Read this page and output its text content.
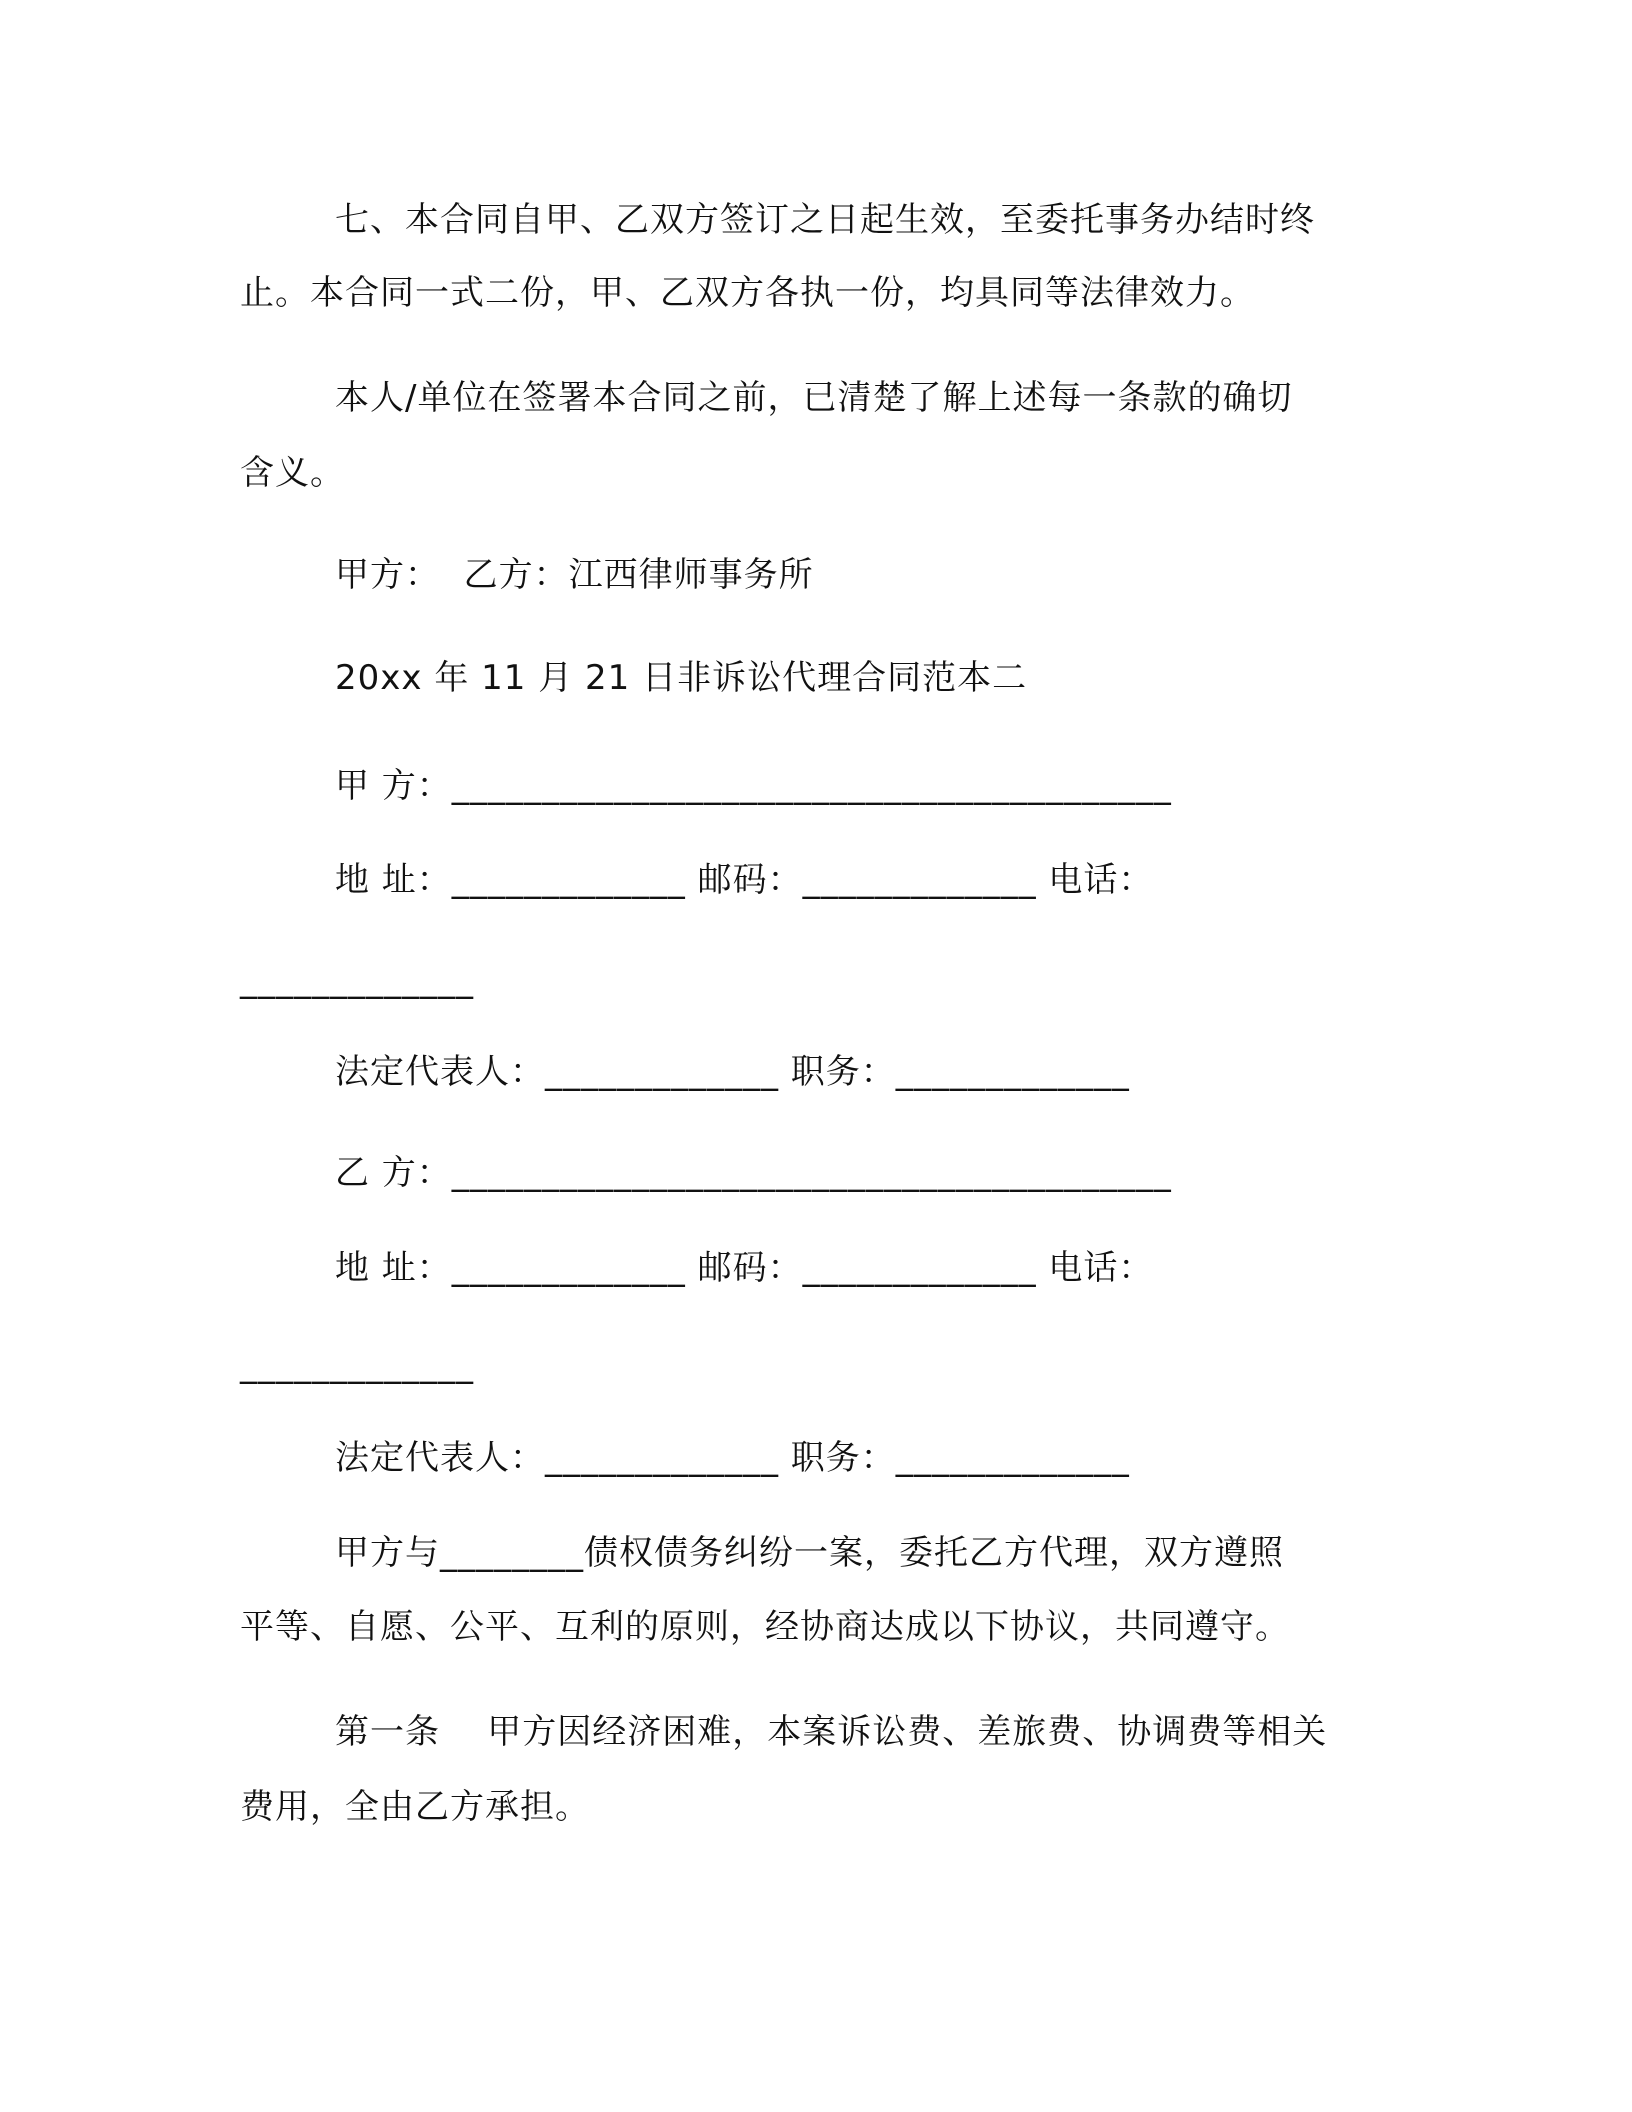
七、本合同自甲、乙双方签订之日起生效，至委托事务办结时终
止。本合同一式二份，甲、乙双方各执一份，均具同等法律效力。
本人/单位在签署本合同之前，已清楚了解上述每一条款的确切
含义。
甲方：  乙方：江西律师事务所
20xx 年 11 月 21 日非诉讼代理合同范本二
甲 方：________________________________________
地 址：_____________ 邮码：_____________ 电话：
_____________
法定代表人：_____________ 职务：_____________
乙 方：________________________________________
地 址：_____________ 邮码：_____________ 电话：
_____________
法定代表人：_____________ 职务：_____________
甲方与________债权债务纠纷一案，委托乙方代理，双方遵照
平等、自愿、公平、互利的原则，经协商达成以下协议，共同遵守。
第一条    甲方因经济困难，本案诉讼费、差旅费、协调费等相关
费用，全由乙方承担。
